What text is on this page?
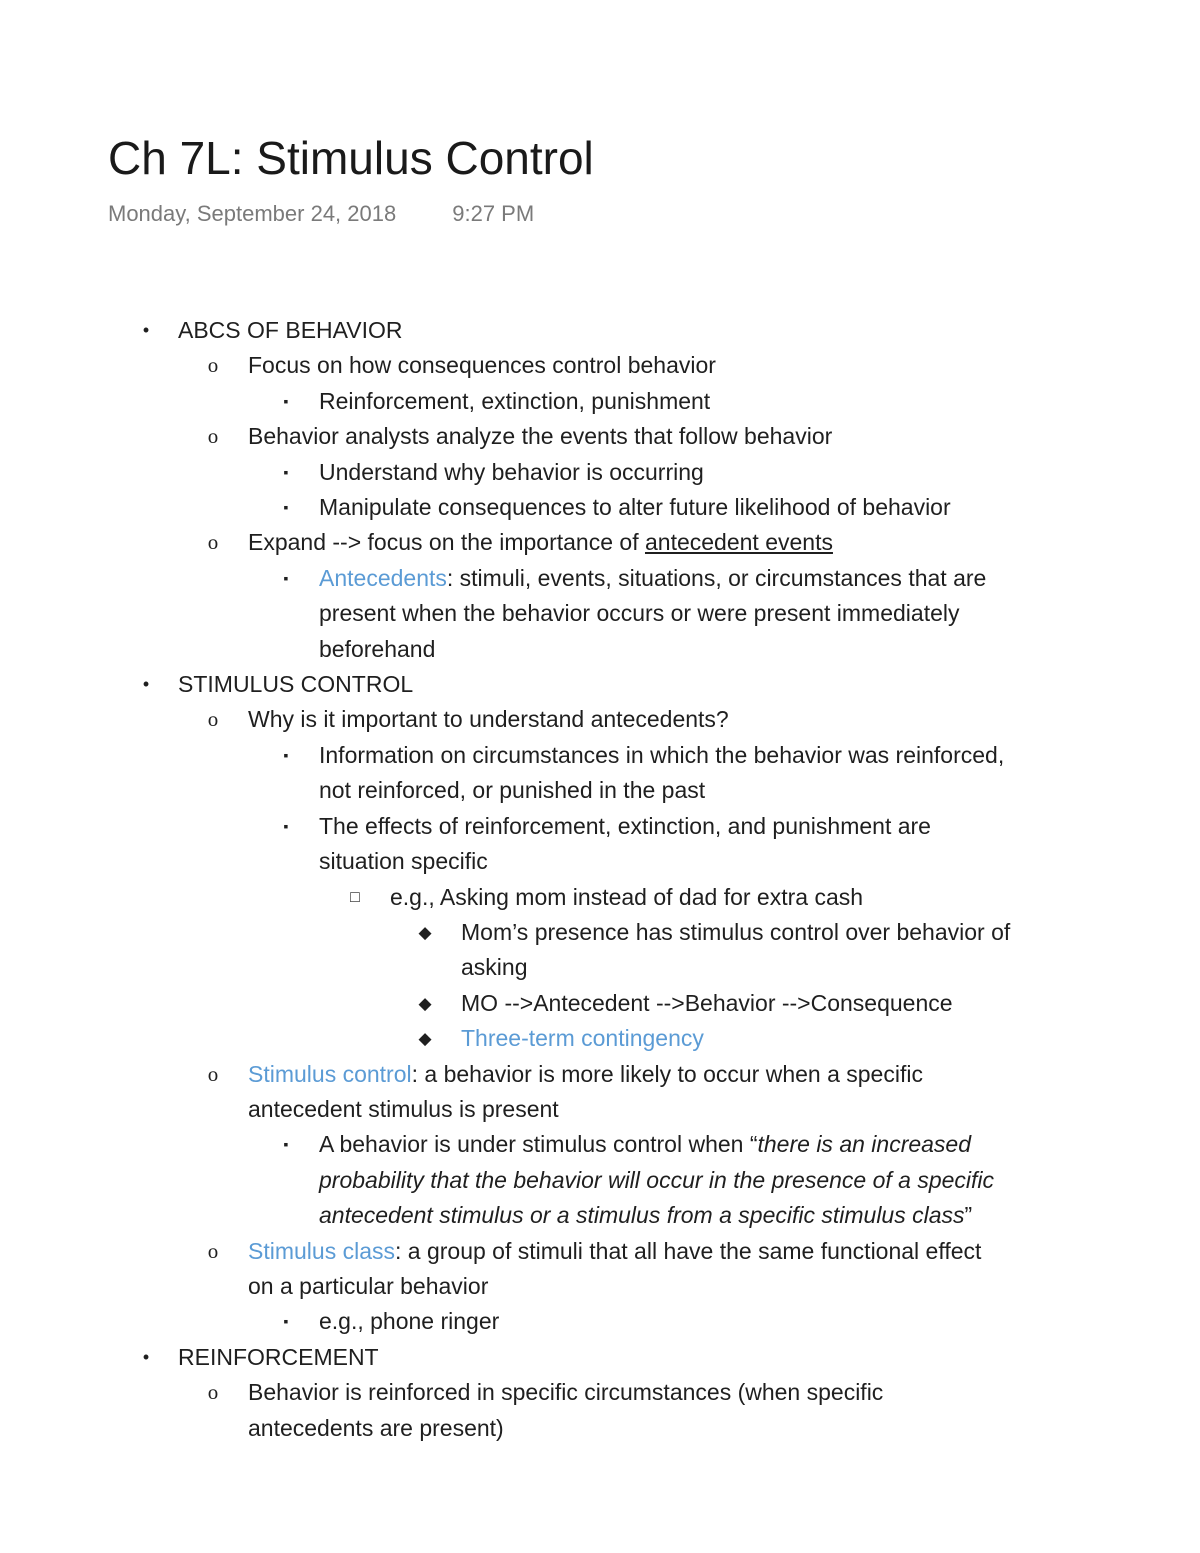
Ch 7L: Stimulus Control
Monday, September 24, 2018	9:27 PM
• ABCS OF BEHAVIOR
o Focus on how consequences control behavior
▪	Reinforcement, extinction, punishment
o Behavior analysts analyze the events that follow behavior
▪	Understand why behavior is occurring
▪	Manipulate consequences to alter future likelihood of behavior
o Expand --> focus on the importance of antecedent events
▪	Antecedents: stimuli, events, situations, or circumstances that are
present when the behavior occurs or were present immediately
beforehand
• STIMULUS CONTROL
o Why is it important to understand antecedents?
▪	Information on circumstances in which the behavior was reinforced,
not reinforced, or punished in the past
▪	The effects of reinforcement, extinction, and punishment are
situation specific
□ e.g., Asking mom instead of dad for extra cash
◆ Mom’s presence has stimulus control over behavior of
asking
◆ MO -->Antecedent -->Behavior -->Consequence
◆ Three-term contingency
o Stimulus control: a behavior is more likely to occur when a specific
antecedent stimulus is present
▪	A behavior is under stimulus control when “there is an increased
probability that the behavior will occur in the presence of a specific
antecedent stimulus or a stimulus from a specific stimulus class”
o Stimulus class: a group of stimuli that all have the same functional effect
on a particular behavior
▪	e.g., phone ringer
• REINFORCEMENT
o Behavior is reinforced in specific circumstances (when specific
antecedents are present)
